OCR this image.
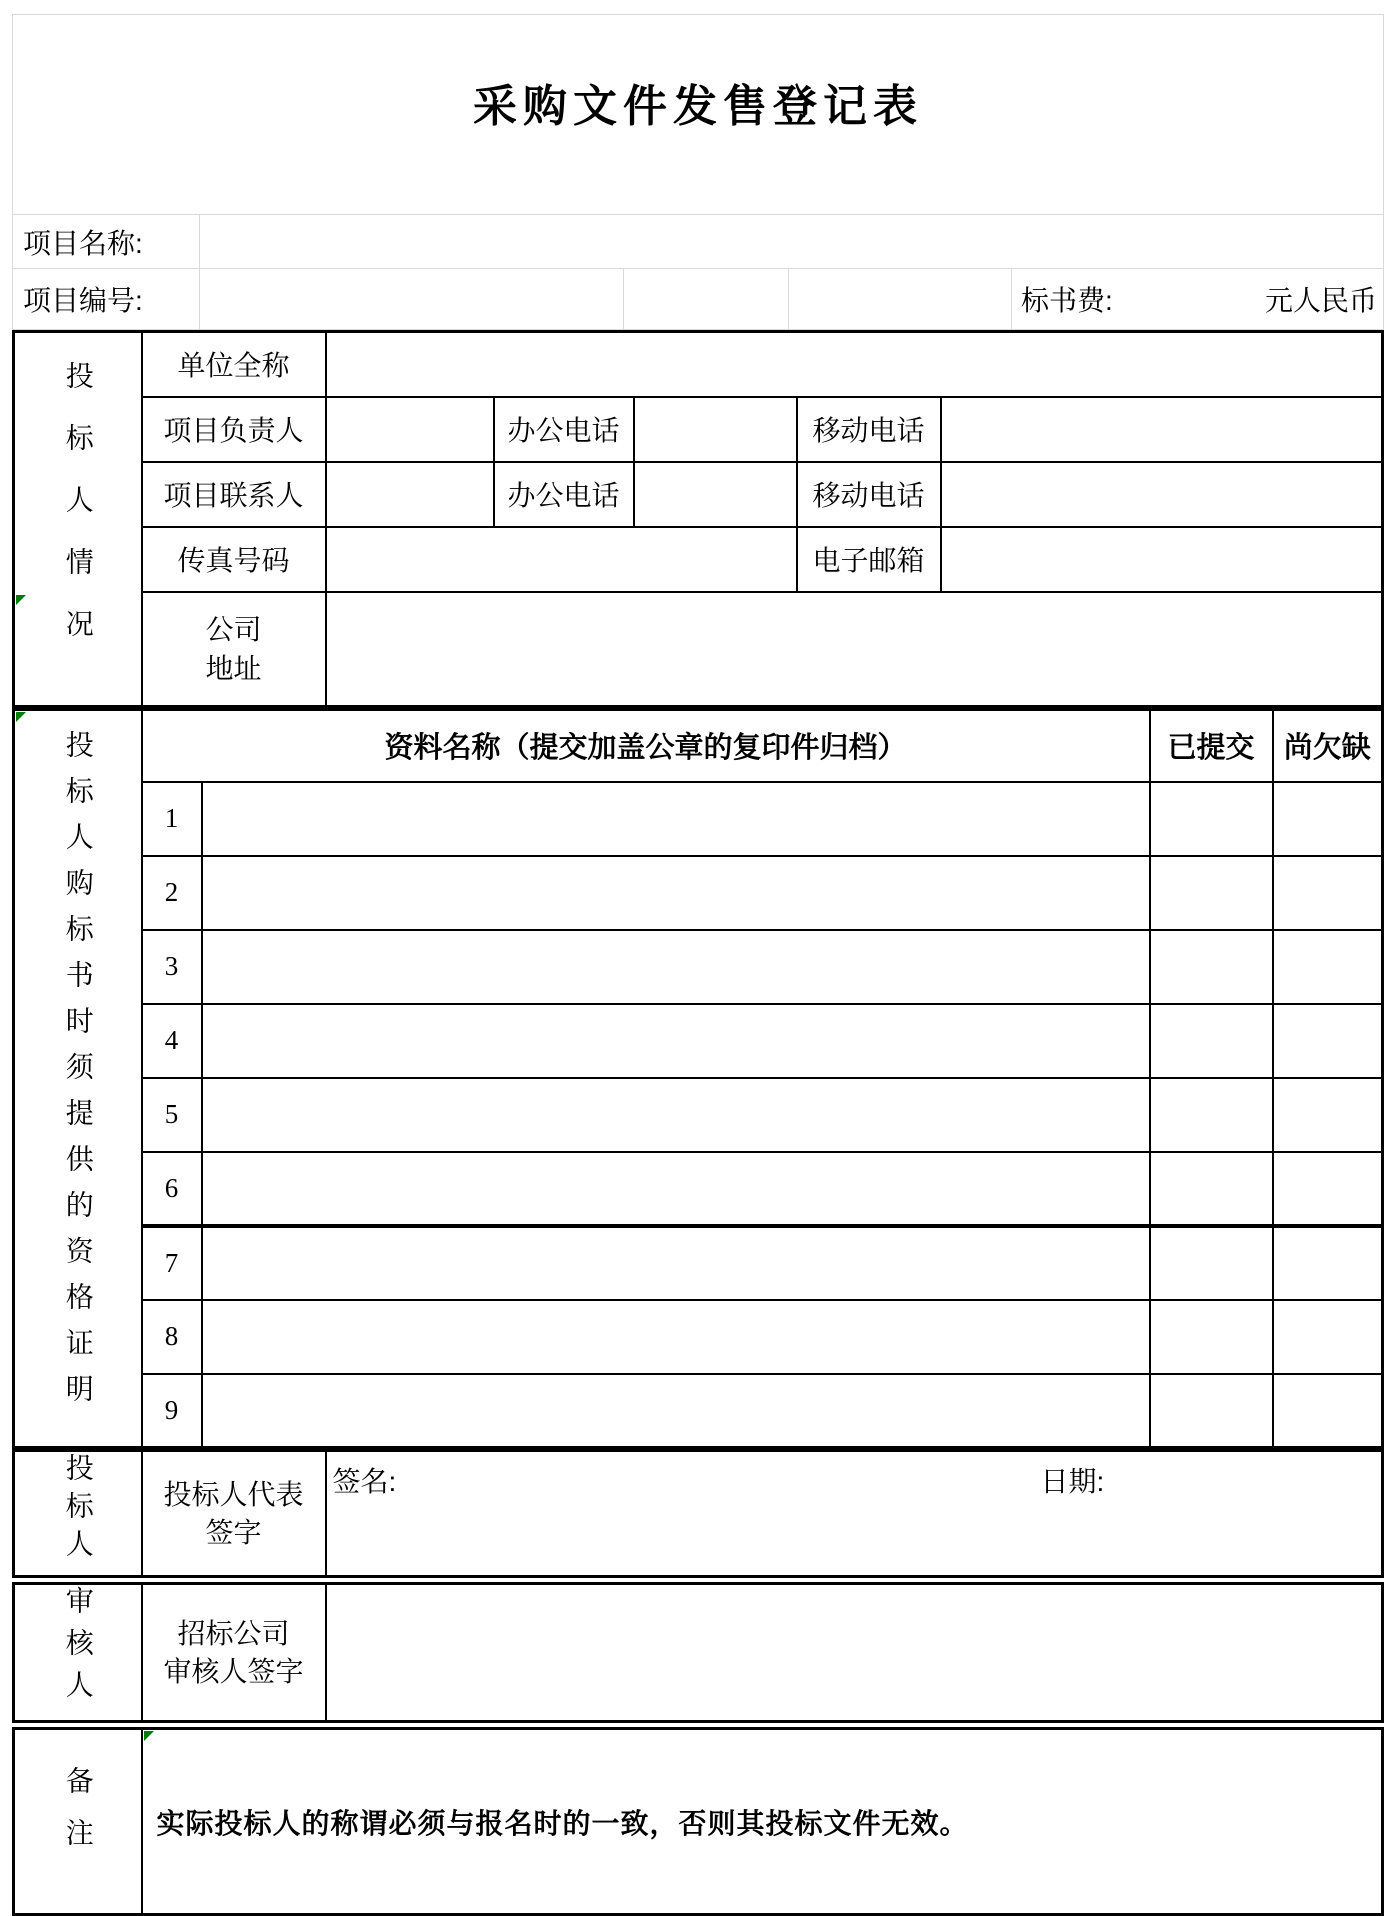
采购文件发售登记表				
项目名称:				
项目编号:				标书费: 元人民币
投标人情况	单位全称					
	项目负责人		办公电话		移动电话	
	项目联系人		办公电话		移动电话	
	传真号码				电子邮箱	

	公司地址					

投标人购标书时须提供的资格证明	资料名称（提交加盖公章的复印件归档）		已提交	尚欠缺
	1			
	2			
	3			
	4			
	5			
	6			
	7			
	8			
	9			
投标人	投标人代表签字
	签名:	日期:
审核人	招标公司
审核人签字

备注	实际投标人的称谓必须与报名时的一致，否则其投标文件无效。
